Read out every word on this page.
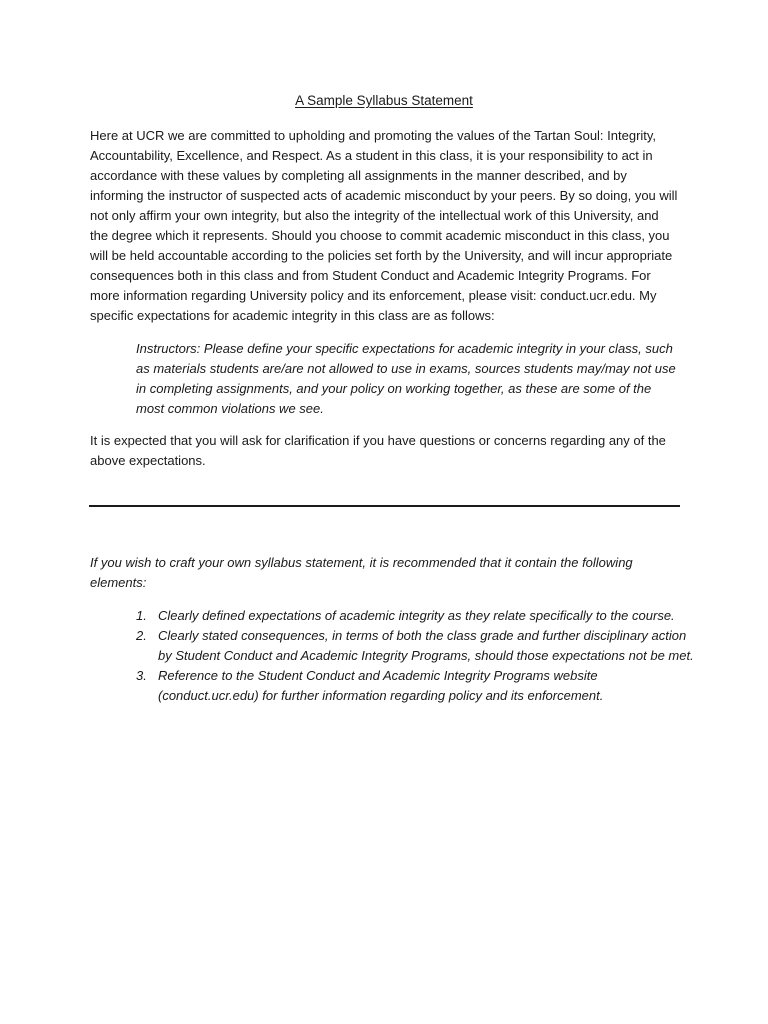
A Sample Syllabus Statement

Here at UCR we are committed to upholding and promoting the values of the Tartan Soul: Integrity, Accountability, Excellence, and Respect. As a student in this class, it is your responsibility to act in accordance with these values by completing all assignments in the manner described, and by informing the instructor of suspected acts of academic misconduct by your peers. By so doing, you will not only affirm your own integrity, but also the integrity of the intellectual work of this University, and the degree which it represents. Should you choose to commit academic misconduct in this class, you will be held accountable according to the policies set forth by the University, and will incur appropriate consequences both in this class and from Student Conduct and Academic Integrity Programs. For more information regarding University policy and its enforcement, please visit: conduct.ucr.edu. My specific expectations for academic integrity in this class are as follows:

Instructors: Please define your specific expectations for academic integrity in your class, such as materials students are/are not allowed to use in exams, sources students may/may not use in completing assignments, and your policy on working together, as these are some of the most common violations we see.

It is expected that you will ask for clarification if you have questions or concerns regarding any of the above expectations.

If you wish to craft your own syllabus statement, it is recommended that it contain the following elements:

1. Clearly defined expectations of academic integrity as they relate specifically to the course.
2. Clearly stated consequences, in terms of both the class grade and further disciplinary action by Student Conduct and Academic Integrity Programs, should those expectations not be met.
3. Reference to the Student Conduct and Academic Integrity Programs website (conduct.ucr.edu) for further information regarding policy and its enforcement.
